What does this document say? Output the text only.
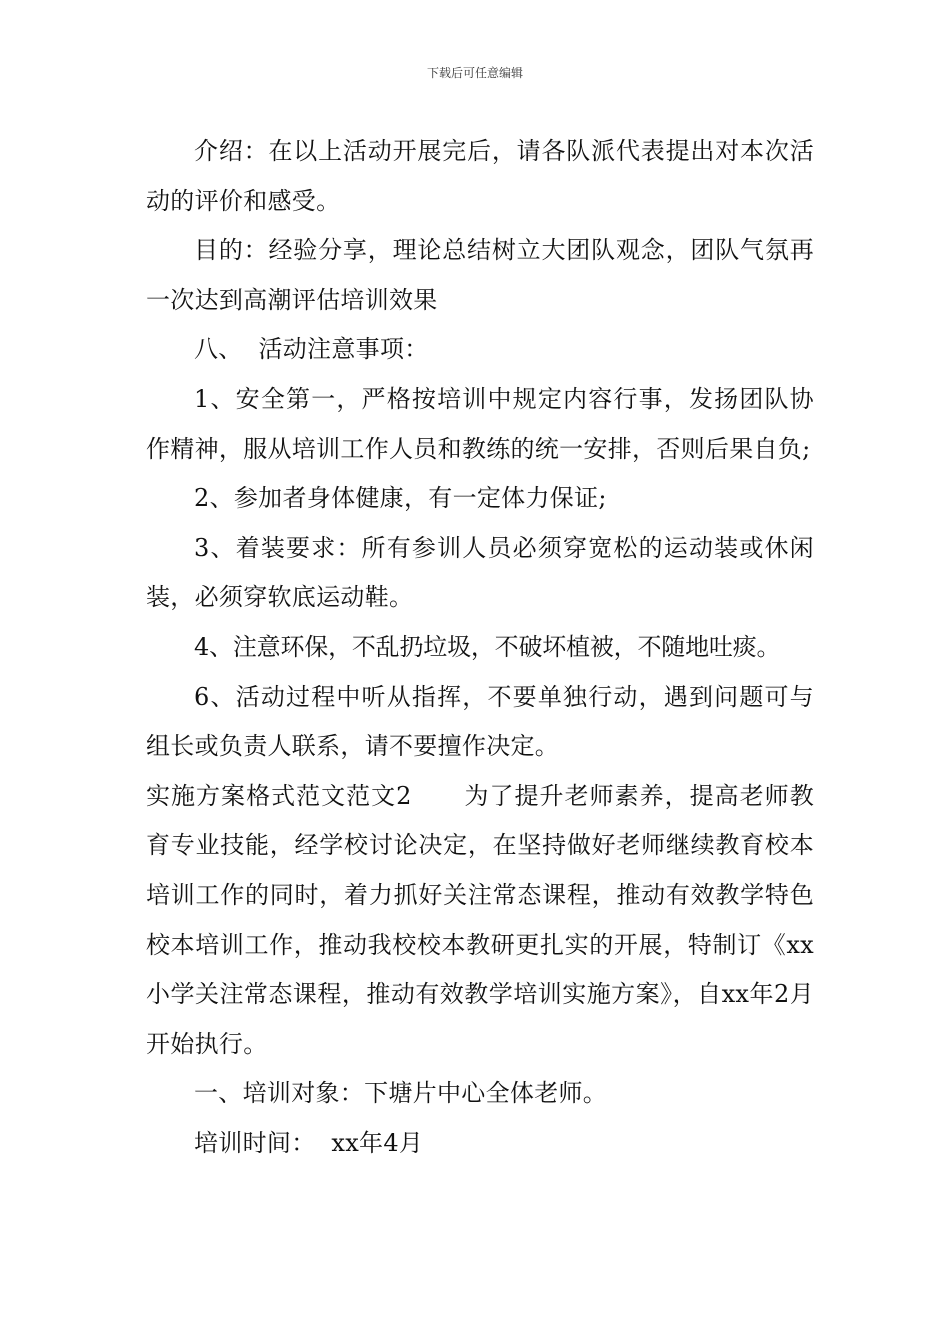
下载后可任意编辑

介绍：在以上活动开展完后，请各队派代表提出对本次活动的评价和感受。

目的：经验分享，理论总结树立大团队观念，团队气氛再一次达到高潮评估培训效果

八、  活动注意事项：

1、安全第一，严格按培训中规定内容行事，发扬团队协作精神，服从培训工作人员和教练的统一安排，否则后果自负;

2、参加者身体健康，有一定体力保证;

3、着装要求：所有参训人员必须穿宽松的运动装或休闲装，必须穿软底运动鞋。

4、注意环保，不乱扔垃圾，不破坏植被，不随地吐痰。

6、活动过程中听从指挥，不要单独行动，遇到问题可与组长或负责人联系，请不要擅作决定。

实施方案格式范文范文2 为了提升老师素养，提高老师教育专业技能，经学校讨论决定，在坚持做好老师继续教育校本培训工作的同时，着力抓好关注常态课程，推动有效教学特色校本培训工作，推动我校校本教研更扎实的开展，特制订《xx小学关注常态课程，推动有效教学培训实施方案》，自xx年2月开始执行。

一、培训对象：下塘片中心全体老师。

培训时间：  xx年4月
